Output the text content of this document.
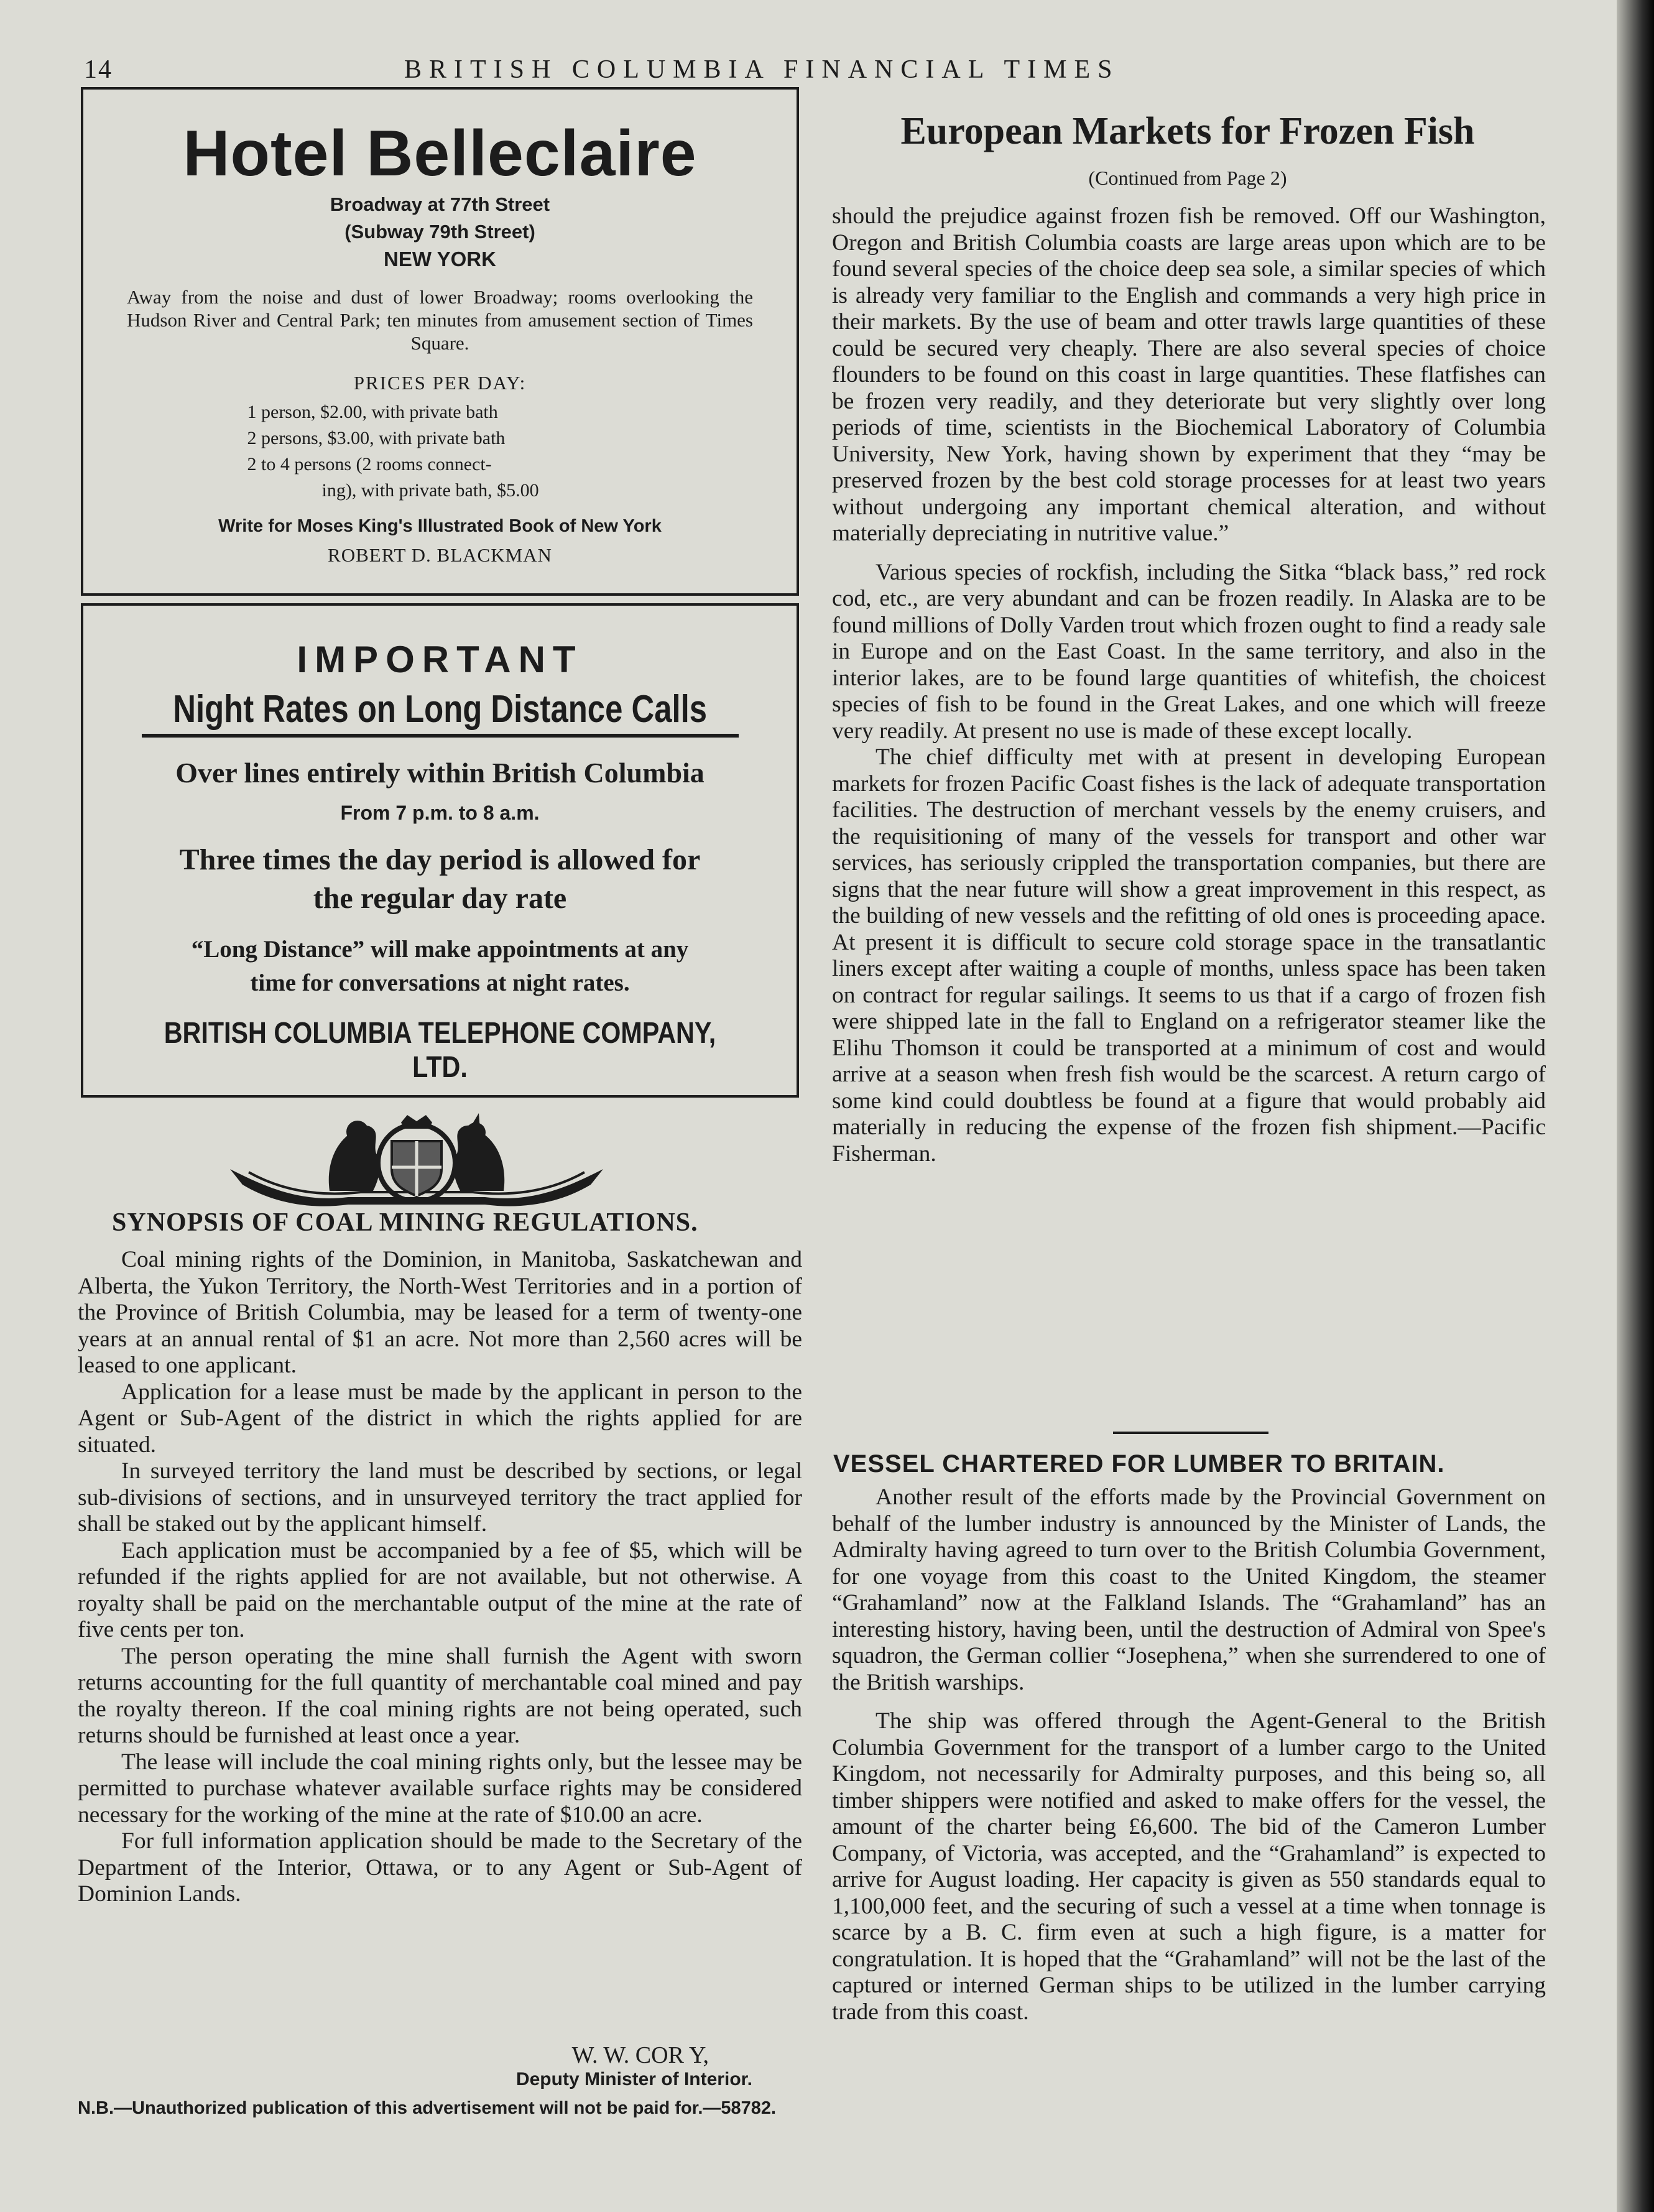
14	BRITISH COLUMBIA FINANCIAL TIMES
Hotel Belleclaire
Broadway at 77th Street
(Subway 79th Street)
NEW YORK
Away from the noise and dust of lower Broadway; rooms overlooking the Hudson River and Central Park; ten minutes from amusement section of Times Square.
PRICES PER DAY:
1 person, $2.00, with private bath
2 persons, $3.00, with private bath
2 to 4 persons (2 rooms connect-
ing), with private bath, $5.00
Write for Moses King's Illustrated Book of New York
ROBERT D. BLACKMAN
IMPORTANT
Night Rates on Long Distance Calls
Over lines entirely within British Columbia
From 7 p.m. to 8 a.m.
Three times the day period is allowed for
the regular day rate
“Long Distance” will make appointments at any
time for conversations at night rates.
BRITISH COLUMBIA TELEPHONE COMPANY, LTD.
SYNOPSIS OF COAL MINING REGULATIONS.

Coal mining rights of the Dominion, in Manitoba, Saskatchewan and Alberta, the Yukon Territory, the North-West Territories and in a portion of the Province of British Columbia, may be leased for a term of twenty-one years at an annual rental of $1 an acre. Not more than 2,560 acres will be leased to one applicant.

Application for a lease must be made by the applicant in person to the Agent or Sub-Agent of the district in which the rights applied for are situated.

In surveyed territory the land must be described by sections, or legal sub-divisions of sections, and in unsurveyed territory the tract applied for shall be staked out by the applicant himself.

Each application must be accompanied by a fee of $5, which will be refunded if the rights applied for are not available, but not otherwise. A royalty shall be paid on the merchantable output of the mine at the rate of five cents per ton.

The person operating the mine shall furnish the Agent with sworn returns accounting for the full quantity of merchantable coal mined and pay the royalty thereon. If the coal mining rights are not being operated, such returns should be furnished at least once a year.

The lease will include the coal mining rights only, but the lessee may be permitted to purchase whatever available surface rights may be considered necessary for the working of the mine at the rate of $10.00 an acre.

For full information application should be made to the Secretary of the Department of the Interior, Ottawa, or to any Agent or Sub-Agent of Dominion Lands.

W. W. COR Y,
Deputy Minister of Interior.
N.B.—Unauthorized publication of this advertisement will not be paid for.—58782.
European Markets for Frozen Fish
(Continued from Page 2)

should the prejudice against frozen fish be removed. Off our Washington, Oregon and British Columbia coasts are large areas upon which are to be found several species of the choice deep sea sole, a similar species of which is already very familiar to the English and commands a very high price in their markets. By the use of beam and otter trawls large quantities of these could be secured very cheaply. There are also several species of choice flounders to be found on this coast in large quantities. These flatfishes can be frozen very readily, and they deteriorate but very slightly over long periods of time, scientists in the Biochemical Laboratory of Columbia University, New York, having shown by experiment that they “may be preserved frozen by the best cold storage processes for at least two years without undergoing any important chemical alteration, and without materially depreciating in nutritive value.”

Various species of rockfish, including the Sitka “black bass,” red rock cod, etc., are very abundant and can be frozen readily. In Alaska are to be found millions of Dolly Varden trout which frozen ought to find a ready sale in Europe and on the East Coast. In the same territory, and also in the interior lakes, are to be found large quantities of whitefish, the choicest species of fish to be found in the Great Lakes, and one which will freeze very readily. At present no use is made of these except locally.

The chief difficulty met with at present in developing European markets for frozen Pacific Coast fishes is the lack of adequate transportation facilities. The destruction of merchant vessels by the enemy cruisers, and the requisitioning of many of the vessels for transport and other war services, has seriously crippled the transportation companies, but there are signs that the near future will show a great improvement in this respect, as the building of new vessels and the refitting of old ones is proceeding apace. At present it is difficult to secure cold storage space in the transatlantic liners except after waiting a couple of months, unless space has been taken on contract for regular sailings. It seems to us that if a cargo of frozen fish were shipped late in the fall to England on a refrigerator steamer like the Elihu Thomson it could be transported at a minimum of cost and would arrive at a season when fresh fish would be the scarcest. A return cargo of some kind could doubtless be found at a figure that would probably aid materially in reducing the expense of the frozen fish shipment.—Pacific Fisherman.

VESSEL CHARTERED FOR LUMBER TO BRITAIN.

Another result of the efforts made by the Provincial Government on behalf of the lumber industry is announced by the Minister of Lands, the Admiralty having agreed to turn over to the British Columbia Government, for one voyage from this coast to the United Kingdom, the steamer “Grahamland” now at the Falkland Islands. The “Grahamland” has an interesting history, having been, until the destruction of Admiral von Spee's squadron, the German collier “Josephena,” when she surrendered to one of the British warships.

The ship was offered through the Agent-General to the British Columbia Government for the transport of a lumber cargo to the United Kingdom, not necessarily for Admiralty purposes, and this being so, all timber shippers were notified and asked to make offers for the vessel, the amount of the charter being £6,600. The bid of the Cameron Lumber Company, of Victoria, was accepted, and the “Grahamland” is expected to arrive for August loading. Her capacity is given as 550 standards equal to 1,100,000 feet, and the securing of such a vessel at a time when tonnage is scarce by a B. C. firm even at such a high figure, is a matter for congratulation. It is hoped that the “Grahamland” will not be the last of the captured or interned German ships to be utilized in the lumber carrying trade from this coast.
